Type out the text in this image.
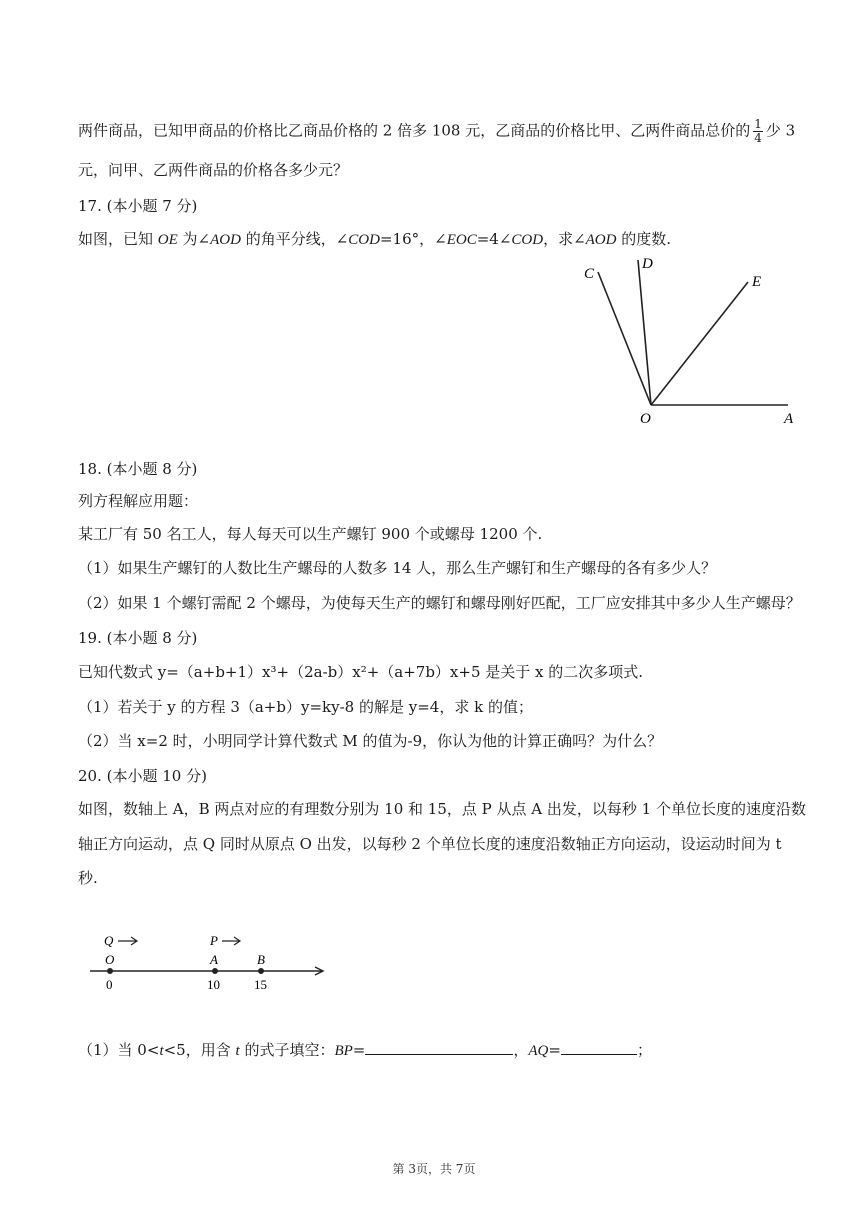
两件商品，已知甲商品的价格比乙商品价格的 2 倍多 108 元，乙商品的价格比甲、乙两件商品总价的 $\frac{1}{4}$ 少 3
元，问甲、乙两件商品的价格各多少元？
17. (本小题 7 分)
如图，已知 OE 为∠AOD 的角平分线，∠COD=16°，∠EOC=4∠COD，求∠AOD 的度数.
C
D
E
O	A
18. (本小题 8 分)
列方程解应用题：
某工厂有 50 名工人，每人每天可以生产螺钉 900 个或螺母 1200 个.
（1）如果生产螺钉的人数比生产螺母的人数多 14 人，那么生产螺钉和生产螺母的各有多少人？
（2）如果 1 个螺钉需配 2 个螺母，为使每天生产的螺钉和螺母刚好匹配，工厂应安排其中多少人生产螺母？
19. (本小题 8 分)
已知代数式 y=（a+b+1）x³+（2a-b）x²+（a+7b）x+5 是关于 x 的二次多项式.
（1）若关于 y 的方程 3（a+b）y=ky-8 的解是 y=4，求 k 的值；
（2）当 x=2 时，小明同学计算代数式 M 的值为-9，你认为他的计算正确吗？为什么？
20. (本小题 10 分)
如图，数轴上 A，B 两点对应的有理数分别为 10 和 15，点 P 从点 A 出发，以每秒 1 个单位长度的速度沿数
轴正方向运动，点 Q 同时从原点 O 出发，以每秒 2 个单位长度的速度沿数轴正方向运动，设运动时间为 t
秒.
Q	P
O	A	B
0	10	15
（1）当 0<t<5，用含 t 的式子填空：BP=	，AQ=	；
第 3页，共 7页
